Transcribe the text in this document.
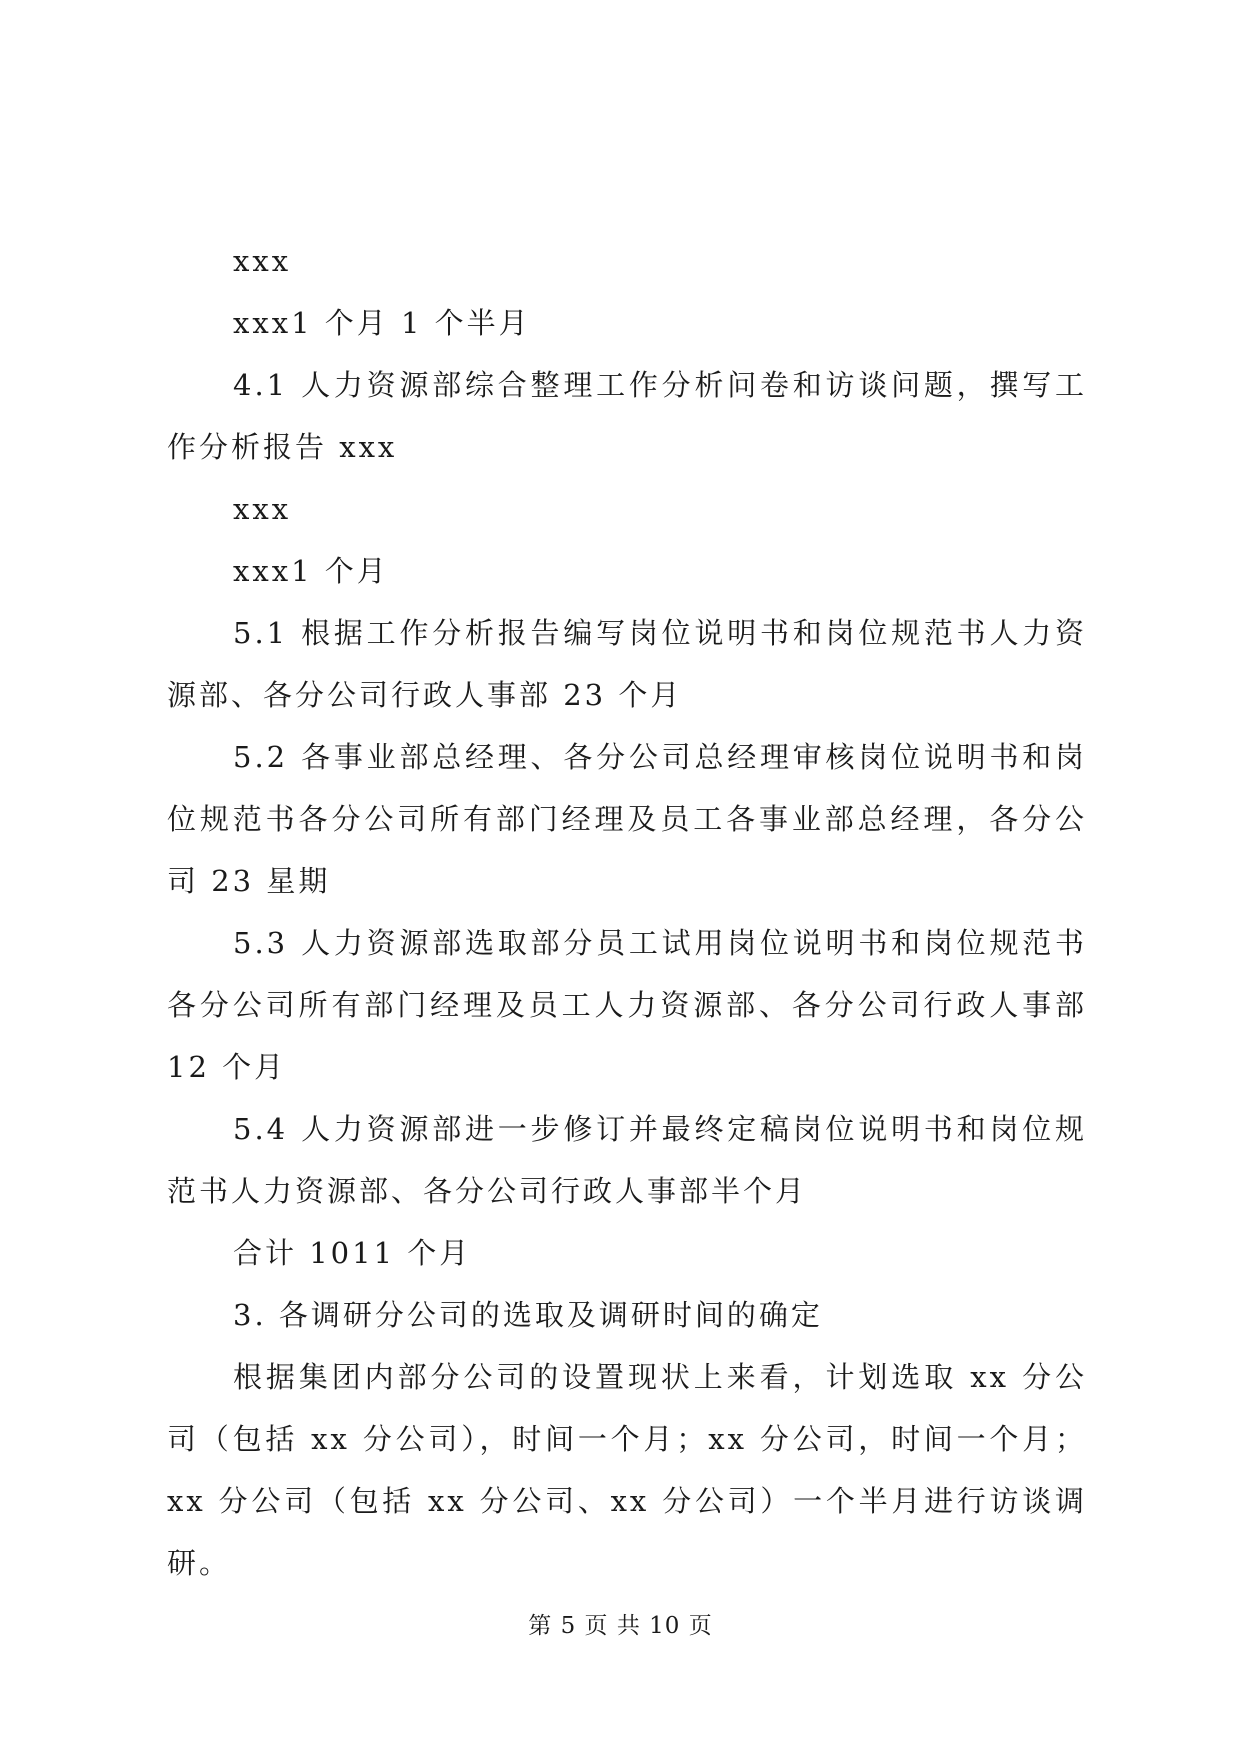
xxx

xxx1 个月 1 个半月

4.1 人力资源部综合整理工作分析问卷和访谈问题，撰写工作分析报告 xxx

xxx

xxx1 个月

5.1 根据工作分析报告编写岗位说明书和岗位规范书人力资源部、各分公司行政人事部 23 个月

5.2 各事业部总经理、各分公司总经理审核岗位说明书和岗位规范书各分公司所有部门经理及员工各事业部总经理，各分公司 23 星期

5.3 人力资源部选取部分员工试用岗位说明书和岗位规范书各分公司所有部门经理及员工人力资源部、各分公司行政人事部 12 个月

5.4 人力资源部进一步修订并最终定稿岗位说明书和岗位规范书人力资源部、各分公司行政人事部半个月

合计 1011 个月

3. 各调研分公司的选取及调研时间的确定

根据集团内部分公司的设置现状上来看，计划选取 xx 分公司（包括 xx 分公司），时间一个月；xx 分公司，时间一个月；xx 分公司（包括 xx 分公司、xx 分公司）一个半月进行访谈调研。

第 5 页 共 10 页
